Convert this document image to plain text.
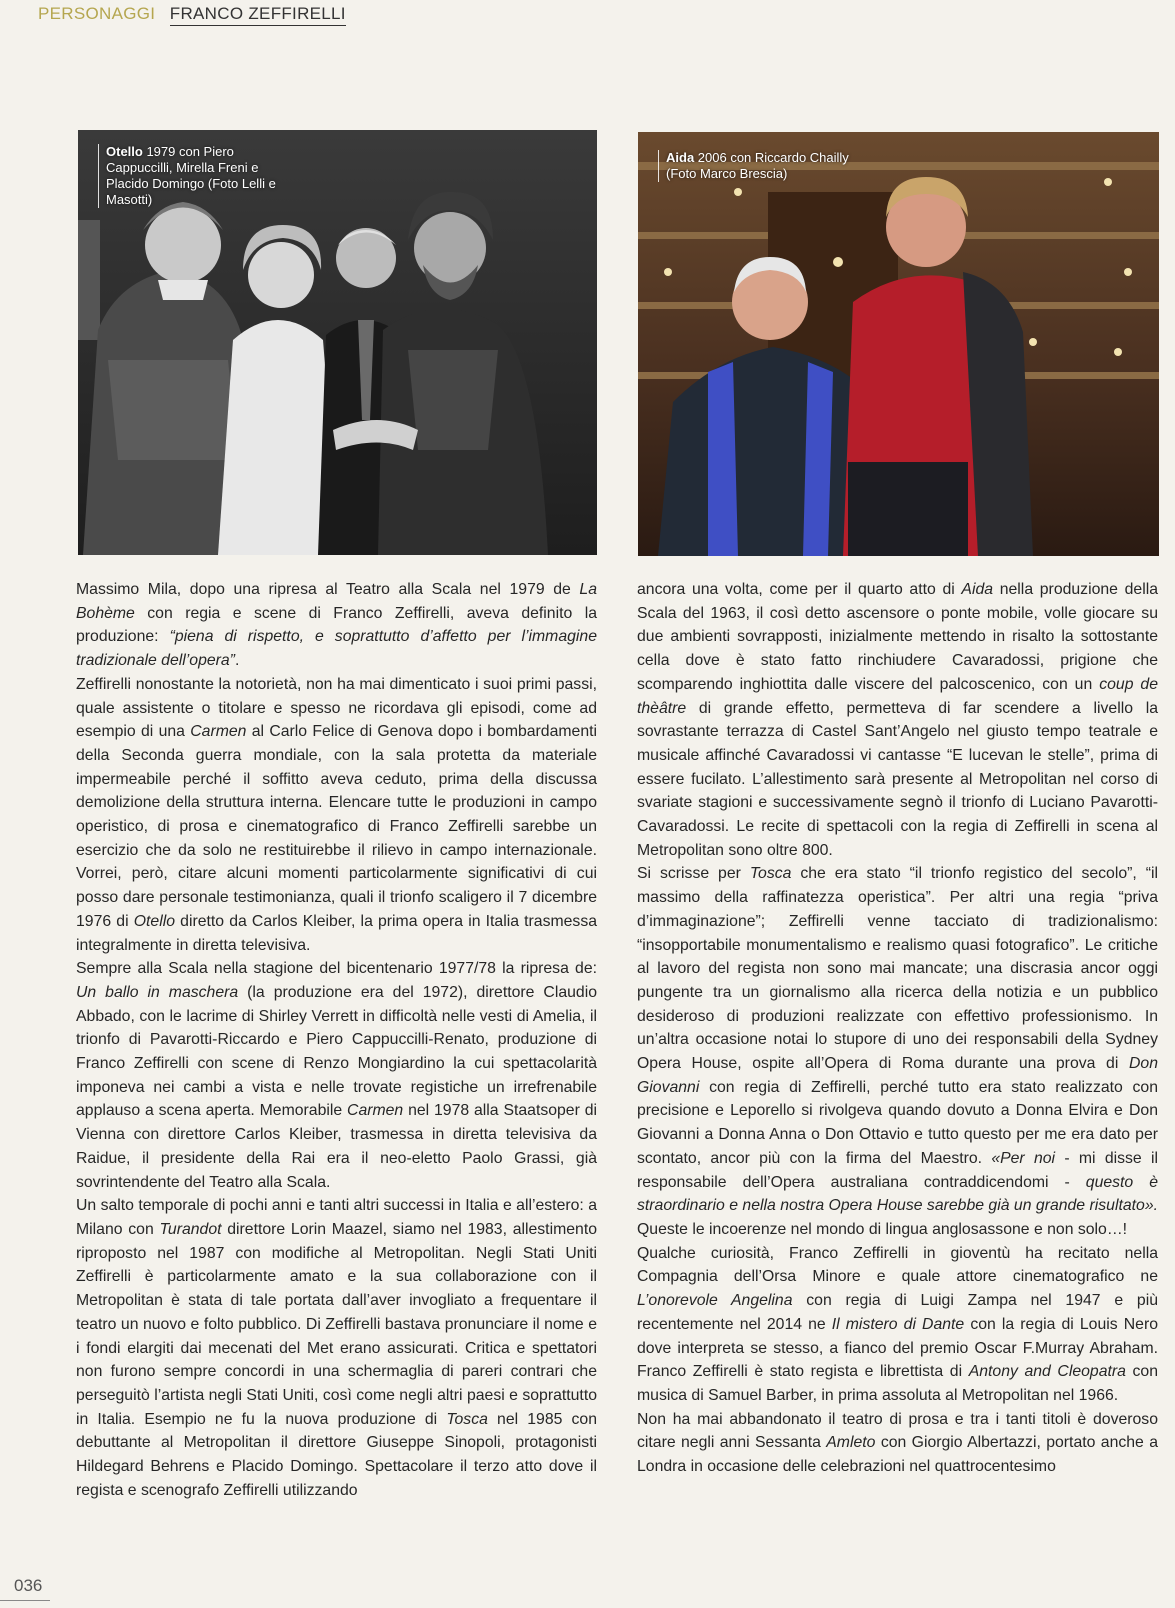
PERSONAGGI FRANCO ZEFFIRELLI
Otello 1979 con Piero Cappuccilli, Mirella Freni e Placido Domingo (Foto Lelli e Masotti)
Aida 2006 con Riccardo Chailly (Foto Marco Brescia)

Massimo Mila, dopo una ripresa al Teatro alla Scala nel 1979 de La Bohème con regia e scene di Franco Zeffirelli, aveva definito la produzione: “piena di rispetto, e soprattutto d’affetto per l’immagine tradizionale dell’opera”.

Zeffirelli nonostante la notorietà, non ha mai dimenticato i suoi primi passi, quale assistente o titolare e spesso ne ricordava gli episodi, come ad esempio di una Carmen al Carlo Felice di Genova dopo i bombardamenti della Seconda guerra mondiale, con la sala protetta da materiale impermeabile perché il soffitto aveva ceduto, prima della discussa demolizione della struttura interna. Elencare tutte le produzioni in campo operistico, di prosa e cinematografico di Franco Zeffirelli sarebbe un esercizio che da solo ne restituirebbe il rilievo in campo internazionale. Vorrei, però, citare alcuni momenti particolarmente significativi di cui posso dare personale testimonianza, quali il trionfo scaligero il 7 dicembre 1976 di Otello diretto da Carlos Kleiber, la prima opera in Italia trasmessa integralmente in diretta televisiva.

Sempre alla Scala nella stagione del bicentenario 1977/78 la ripresa de: Un ballo in maschera (la produzione era del 1972), direttore Claudio Abbado, con le lacrime di Shirley Verrett in difficoltà nelle vesti di Amelia, il trionfo di Pavarotti-Riccardo e Piero Cappuccilli-Renato, produzione di Franco Zeffirelli con scene di Renzo Mongiardino la cui spettacolarità imponeva nei cambi a vista e nelle trovate registiche un irrefrenabile applauso a scena aperta. Memorabile Carmen nel 1978 alla Staatsoper di Vienna con direttore Carlos Kleiber, trasmessa in diretta televisiva da Raidue, il presidente della Rai era il neo-eletto Paolo Grassi, già sovrintendente del Teatro alla Scala.

Un salto temporale di pochi anni e tanti altri successi in Italia e all’estero: a Milano con Turandot direttore Lorin Maazel, siamo nel 1983, allestimento riproposto nel 1987 con modifiche al Metropolitan. Negli Stati Uniti Zeffirelli è particolarmente amato e la sua collaborazione con il Metropolitan è stata di tale portata dall’aver invogliato a frequentare il teatro un nuovo e folto pubblico. Di Zeffirelli bastava pronunciare il nome e i fondi elargiti dai mecenati del Met erano assicurati. Critica e spettatori non furono sempre concordi in una schermaglia di pareri contrari che perseguitò l’artista negli Stati Uniti, così come negli altri paesi e soprattutto in Italia. Esempio ne fu la nuova produzione di Tosca nel 1985 con debuttante al Metropolitan il direttore Giuseppe Sinopoli, protagonisti Hildegard Behrens e Placido Domingo. Spettacolare il terzo atto dove il regista e scenografo Zeffirelli utilizzando

ancora una volta, come per il quarto atto di Aida nella produzione della Scala del 1963, il così detto ascensore o ponte mobile, volle giocare su due ambienti sovrapposti, inizialmente mettendo in risalto la sottostante cella dove è stato fatto rinchiudere Cavaradossi, prigione che scomparendo inghiottita dalle viscere del palcoscenico, con un coup de thèâtre di grande effetto, permetteva di far scendere a livello la sovrastante terrazza di Castel Sant’Angelo nel giusto tempo teatrale e musicale affinché Cavaradossi vi cantasse “E lucevan le stelle”, prima di essere fucilato. L’allestimento sarà presente al Metropolitan nel corso di svariate stagioni e successivamente segnò il trionfo di Luciano Pavarotti-Cavaradossi. Le recite di spettacoli con la regia di Zeffirelli in scena al Metropolitan sono oltre 800.

Si scrisse per Tosca che era stato “il trionfo registico del secolo”, “il massimo della raffinatezza operistica”. Per altri una regia “priva d’immaginazione”; Zeffirelli venne tacciato di tradizionalismo: “insopportabile monumentalismo e realismo quasi fotografico”. Le critiche al lavoro del regista non sono mai mancate; una discrasia ancor oggi pungente tra un giornalismo alla ricerca della notizia e un pubblico desideroso di produzioni realizzate con effettivo professionismo. In un’altra occasione notai lo stupore di uno dei responsabili della Sydney Opera House, ospite all’Opera di Roma durante una prova di Don Giovanni con regia di Zeffirelli, perché tutto era stato realizzato con precisione e Leporello si rivolgeva quando dovuto a Donna Elvira e Don Giovanni a Donna Anna o Don Ottavio e tutto questo per me era dato per scontato, ancor più con la firma del Maestro. «Per noi - mi disse il responsabile dell’Opera australiana contraddicendomi - questo è straordinario e nella nostra Opera House sarebbe già un grande risultato». Queste le incoerenze nel mondo di lingua anglosassone e non solo…!

Qualche curiosità, Franco Zeffirelli in gioventù ha recitato nella Compagnia dell’Orsa Minore e quale attore cinematografico ne L’onorevole Angelina con regia di Luigi Zampa nel 1947 e più recentemente nel 2014 ne Il mistero di Dante con la regia di Louis Nero dove interpreta se stesso, a fianco del premio Oscar F.Murray Abraham. Franco Zeffirelli è stato regista e librettista di Antony and Cleopatra con musica di Samuel Barber, in prima assoluta al Metropolitan nel 1966.

Non ha mai abbandonato il teatro di prosa e tra i tanti titoli è doveroso citare negli anni Sessanta Amleto con Giorgio Albertazzi, portato anche a Londra in occasione delle celebrazioni nel quattrocentesimo

036
